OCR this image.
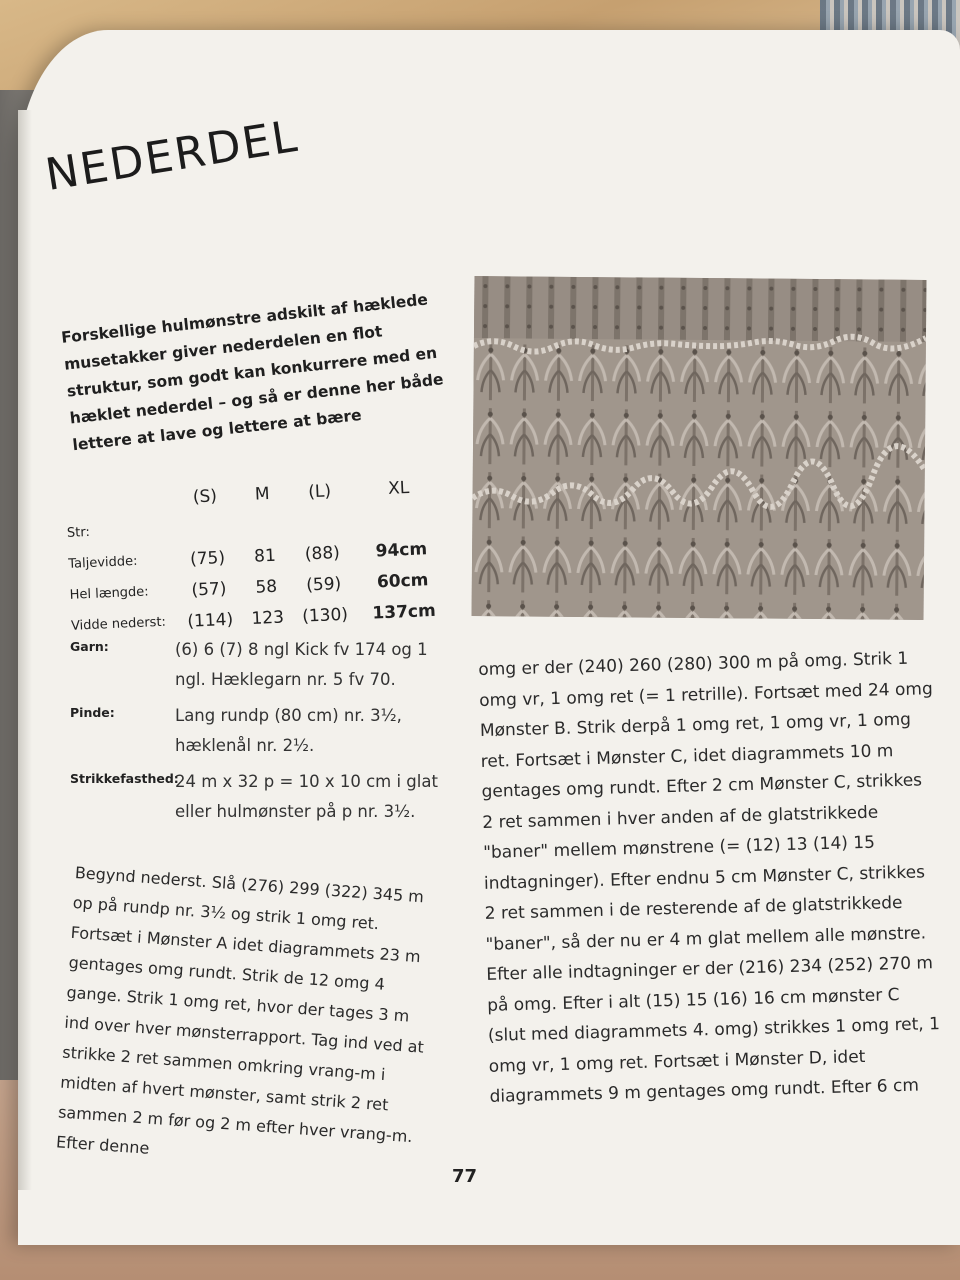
NEDERDEL

Forskellige hulmønstre adskilt af hæklede musetakker giver nederdelen en flot struktur, som godt kan konkurrere med en hæklet nederdel – og så er denne her både lettere at lave og lettere at bære

	(S)	M	(L)	XL
Str:				
Taljevidde:	(75)	81	(88)	94cm
Hel længde:	(57)	58	(59)	60cm
Vidde nederst:	(114)	123	(130)	137cm
Garn:	(6) 6 (7) 8 ngl Kick fv 174 og 1 ngl. Hæklegarn nr. 5 fv 70.
Pinde:	Lang rundp (80 cm) nr. 3½, hæklenål nr. 2½.
Strikkefasthed:
24 m x 32 p = 10 x 10 cm i glat eller hulmønster på p nr. 3½.

Begynd nederst. Slå (276) 299 (322) 345 m op på rundp nr. 3½ og strik 1 omg ret. Fortsæt i Mønster A idet diagrammets 23 m gentages omg rundt. Strik de 12 omg 4 gange. Strik 1 omg ret, hvor der tages 3 m ind over hver mønsterrapport. Tag ind ved at strikke 2 ret sammen omkring vrang-m i midten af hvert mønster, samt strik 2 ret sammen 2 m før og 2 m efter hver vrang-m. Efter denne

omg er der (240) 260 (280) 300 m på omg. Strik 1 omg vr, 1 omg ret (= 1 retrille). Fortsæt med 24 omg Mønster B. Strik derpå 1 omg ret, 1 omg vr, 1 omg ret. Fortsæt i Mønster C, idet diagrammets 10 m gentages omg rundt. Efter 2 cm Mønster C, strikkes 2 ret sammen i hver anden af de glatstrikkede "baner" mellem mønstrene (= (12) 13 (14) 15 indtagninger). Efter endnu 5 cm Mønster C, strikkes 2 ret sammen i de resterende af de glatstrikkede "baner", så der nu er 4 m glat mellem alle mønstre. Efter alle indtagninger er der (216) 234 (252) 270 m på omg. Efter i alt (15) 15 (16) 16 cm mønster C (slut med diagrammets 4. omg) strikkes 1 omg ret, 1 omg vr, 1 omg ret. Fortsæt i Mønster D, idet diagrammets 9 m gentages omg rundt. Efter 6 cm

77
